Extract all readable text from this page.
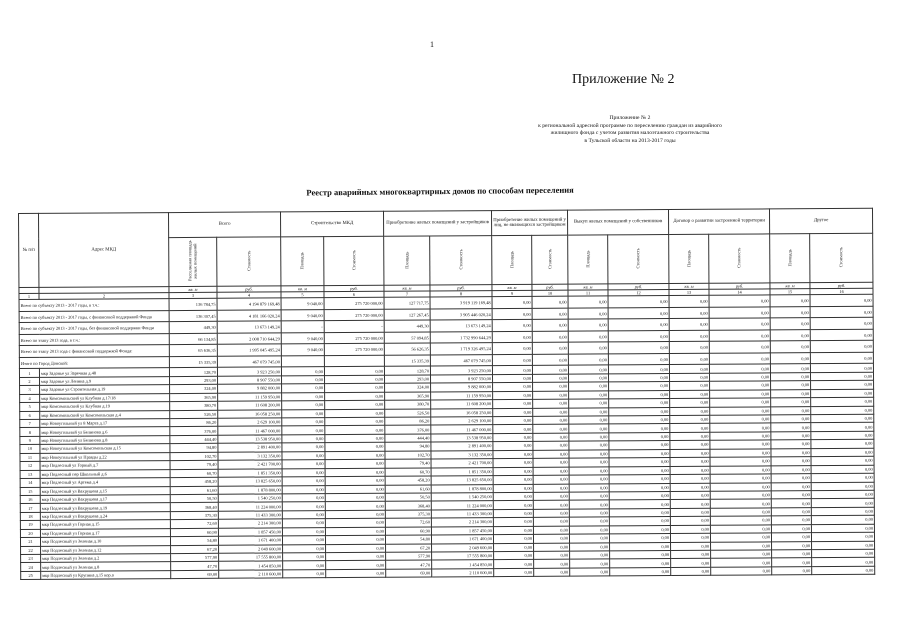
1
Приложение № 2
Приложение № 2
к региональной адресной программе по переселению граждан из аварийного
жилищного фонда с учетом развития малоэтажного строительства
в Тульской области на 2013-2017 годы
Реестр аварийных многоквартирных домов по способам переселения
№ п/п	Адрес МКД	Всего		Строительство МКД		Приобретение жилых помещений у застройщиков		Приобретение жилых помещений у лиц, не являющихся застройщиком		Выкуп жилых помещений у собственников		Договор о развитии застроенной территории		Другое	
		Расселяемая площадь жилых помещений	Стоимость	Площадь	Стоимость	Площадь	Стоимость	Площадь	Стоимость	Площадь	Стоимость	Площадь	Стоимость	Площадь	Стоимость
		кв. м	руб.	кв. м	руб.	кв. м	руб.	кв. м	руб.	кв. м	руб.	кв. м	руб.	кв. м	руб.
1	2	3	4	5	6	7	8	9	10	11	12	13	14	15	16
Всего по субъекту 2013 - 2017 годы, в т.ч.:		136 784,75	4 194 879 169,48	9 040,00	275 720 000,00	127 717,75	3 919 119 169,48	0,00	0,00	0,00	0,00	0,00	0,00	0,00	0,00
Всего по субъекту 2013 - 2017 годы, с финансовой поддержкой Фонда		136 307,45	4 181 166 020,24	9 040,00	275 720 000,00	127 267,45	3 905 446 020,24	0,00	0,00	0,00	0,00	0,00	0,00	0,00	0,00
Всего по субъекту 2013 - 2017 годы, без финансовой поддержки Фонда		449,30	13 673 149,24	-	-	449,30	13 673 149,24	0,00	0,00	0,00	0,00	0,00	0,00	0,00	0,00
Всего по этапу 2013 года, в т.ч.:		66 134,85	2 008 710 644,29	9 040,00	275 720 000,00	57 094,85	1 732 990 644,29	0,00	0,00	0,00	0,00	0,00	0,00	0,00	0,00
Всего по этапу 2013 года с финансовой поддержкой Фонда:		65 636,35	1 995 045 495,24	9 040,00	275 720 000,00	56 626,35	1 719 326 495,24	0,00	0,00	0,00	0,00	0,00	0,00	0,00	0,00
Итого по Город Донской:		15 335,39	467 079 745,00			15 335,39	467 079 745,00	0,00	0,00	0,00	0,00	0,00	0,00	0,00	0,00
1	мкр Задонье ул Заречная д.48	128,70	3 923 250,00	0,00	0,00	128,70	3 923 250,00	0,00	0,00	0,00	0,00	0,00	0,00	0,00	0,00
2	мкр Задонье ул Ленина д.9	293,00	8 907 550,00	0,00	0,00	293,00	8 907 550,00	0,00	0,00	0,00	0,00	0,00	0,00	0,00	0,00
3	мкр Задонье ул Строительная д.19	324,00	9 882 000,00	0,00	0,00	324,00	9 882 000,00	0,00	0,00	0,00	0,00	0,00	0,00	0,00	0,00
4	мкр Комсомольский ул Клубная д.17/18	365,90	11 159 950,00	0,00	0,00	365,90	11 159 950,00	0,00	0,00	0,00	0,00	0,00	0,00	0,00	0,00
5	мкр Комсомольский ул Клубная д.19	380,70	11 608 200,00	0,00	0,00	380,70	11 608 200,00	0,00	0,00	0,00	0,00	0,00	0,00	0,00	0,00
6	мкр Комсомольский ул Комсомольская д.4	526,50	16 058 250,00	0,00	0,00	526,50	16 058 250,00	0,00	0,00	0,00	0,00	0,00	0,00	0,00	0,00
7	мкр Новоугольный ул 8 Марта д.17	86,20	2 629 100,00	0,00	0,00	86,20	2 629 100,00	0,00	0,00	0,00	0,00	0,00	0,00	0,00	0,00
8	мкр Новоугольный ул Белинова д.6	376,00	11 467 000,00	0,00	0,00	376,00	11 467 000,00	0,00	0,00	0,00	0,00	0,00	0,00	0,00	0,00
9	мкр Новоугольный ул Белинова д.8	444,40	13 538 950,00	0,00	0,00	444,40	13 538 950,00	0,00	0,00	0,00	0,00	0,00	0,00	0,00	0,00
10	мкр Новоугольный ул Комсомольская д.15	94,80	2 891 400,00	0,00	0,00	94,80	2 891 400,00	0,00	0,00	0,00	0,00	0,00	0,00	0,00	0,00
11	мкр Новоугольный ул Правды д.22	102,70	3 132 350,00	0,00	0,00	102,70	3 132 350,00	0,00	0,00	0,00	0,00	0,00	0,00	0,00	0,00
12	мкр Подлесный ул Горный д.7	79,40	2 421 700,00	0,00	0,00	79,40	2 421 700,00	0,00	0,00	0,00	0,00	0,00	0,00	0,00	0,00
13	мкр Подлесный пер Школьный д.6	60,70	1 851 350,00	0,00	0,00	60,70	1 851 350,00	0,00	0,00	0,00	0,00	0,00	0,00	0,00	0,00
14	мкр Подлесный ул Артема д.4	458,20	13 825 650,00	0,00	0,00	458,20	13 825 650,00	0,00	0,00	0,00	0,00	0,00	0,00	0,00	0,00
15	мкр Подлесный ул Вахрушева д.15	61,60	1 878 800,00	0,00	0,00	61,60	1 878 800,00	0,00	0,00	0,00	0,00	0,00	0,00	0,00	0,00
16	мкр Подлесный ул Вахрушева д.17	50,50	1 540 250,00	0,00	0,00	50,50	1 540 250,00	0,00	0,00	0,00	0,00	0,00	0,00	0,00	0,00
17	мкр Подлесный ул Вахрушева д.19	368,40	11 224 000,00	0,00	0,00	368,40	11 224 000,00	0,00	0,00	0,00	0,00	0,00	0,00	0,00	0,00
18	мкр Подлесный ул Вахрушева д.24	375,30	11 433 300,00	0,00	0,00	375,30	11 433 300,00	0,00	0,00	0,00	0,00	0,00	0,00	0,00	0,00
19	мкр Подлесный ул Горная д.15	72,60	2 214 300,00	0,00	0,00	72,60	2 214 300,00	0,00	0,00	0,00	0,00	0,00	0,00	0,00	0,00
20	мкр Подлесный ул Горная д.17	60,90	1 857 450,00	0,00	0,00	60,90	1 857 450,00	0,00	0,00	0,00	0,00	0,00	0,00	0,00	0,00
21	мкр Подлесный ул Зеленая д.10	54,80	1 671 400,00	0,00	0,00	54,80	1 671 400,00	0,00	0,00	0,00	0,00	0,00	0,00	0,00	0,00
22	мкр Подлесный ул Зеленая д.12	67,20	2 049 600,00	0,00	0,00	67,20	2 049 600,00	0,00	0,00	0,00	0,00	0,00	0,00	0,00	0,00
23	мкр Подлесный ул Зеленая д.2	577,90	17 555 800,00	0,00	0,00	577,90	17 555 800,00	0,00	0,00	0,00	0,00	0,00	0,00	0,00	0,00
24	мкр Подлесный ул Зеленая д.8	47,70	1 454 850,00	0,00	0,00	47,70	1 454 850,00	0,00	0,00	0,00	0,00	0,00	0,00	0,00	0,00
25	мкр Подлесный ул Крупина д.15 кор.а	69,00	2 110 600,00	0,00	0,00	69,00	2 110 600,00	0,00	0,00	0,00	0,00	0,00	0,00	0,00	0,00
